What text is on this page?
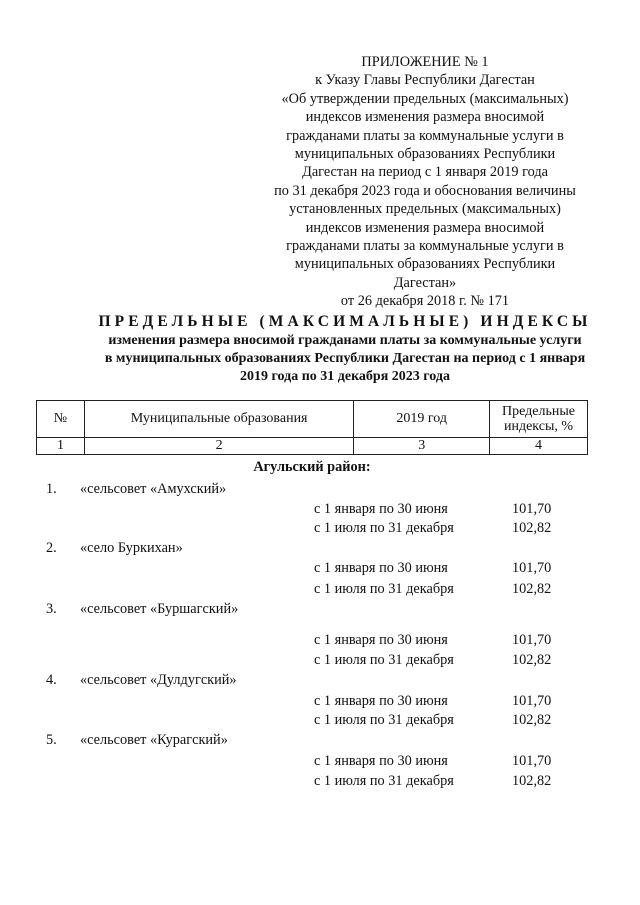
ПРИЛОЖЕНИЕ № 1
к Указу Главы Республики Дагестан
«Об утверждении предельных (максимальных)
индексов изменения размера вносимой
гражданами платы за коммунальные услуги в
муниципальных образованиях Республики
Дагестан на период с 1 января 2019 года
по 31 декабря 2023 года и обоснования величины
установленных предельных (максимальных)
индексов изменения размера вносимой
гражданами платы за коммунальные услуги в
муниципальных образованиях Республики
Дагестан»
от 26 декабря 2018 г. № 171
ПРЕДЕЛЬНЫЕ (МАКСИМАЛЬНЫЕ) ИНДЕКСЫ
изменения размера вносимой гражданами платы за коммунальные услуги
в муниципальных образованиях Республики Дагестан на период с 1 января
2019 года по 31 декабря 2023 года
№	Муниципальные образования	2019 год	Предельные индексы, %
1	2	3	4
Агульский район:
1. «сельсовет «Амухский»
с 1 января по 30 июня	101,70
с 1 июля по 31 декабря	102,82
2. «село Буркихан»
с 1 января по 30 июня	101,70
с 1 июля по 31 декабря	102,82
3. «сельсовет «Буршагский»
с 1 января по 30 июня	101,70
с 1 июля по 31 декабря	102,82
4. «сельсовет «Дулдугский»
с 1 января по 30 июня	101,70
с 1 июля по 31 декабря	102,82
5. «сельсовет «Курагский»
с 1 января по 30 июня	101,70
с 1 июля по 31 декабря	102,82
